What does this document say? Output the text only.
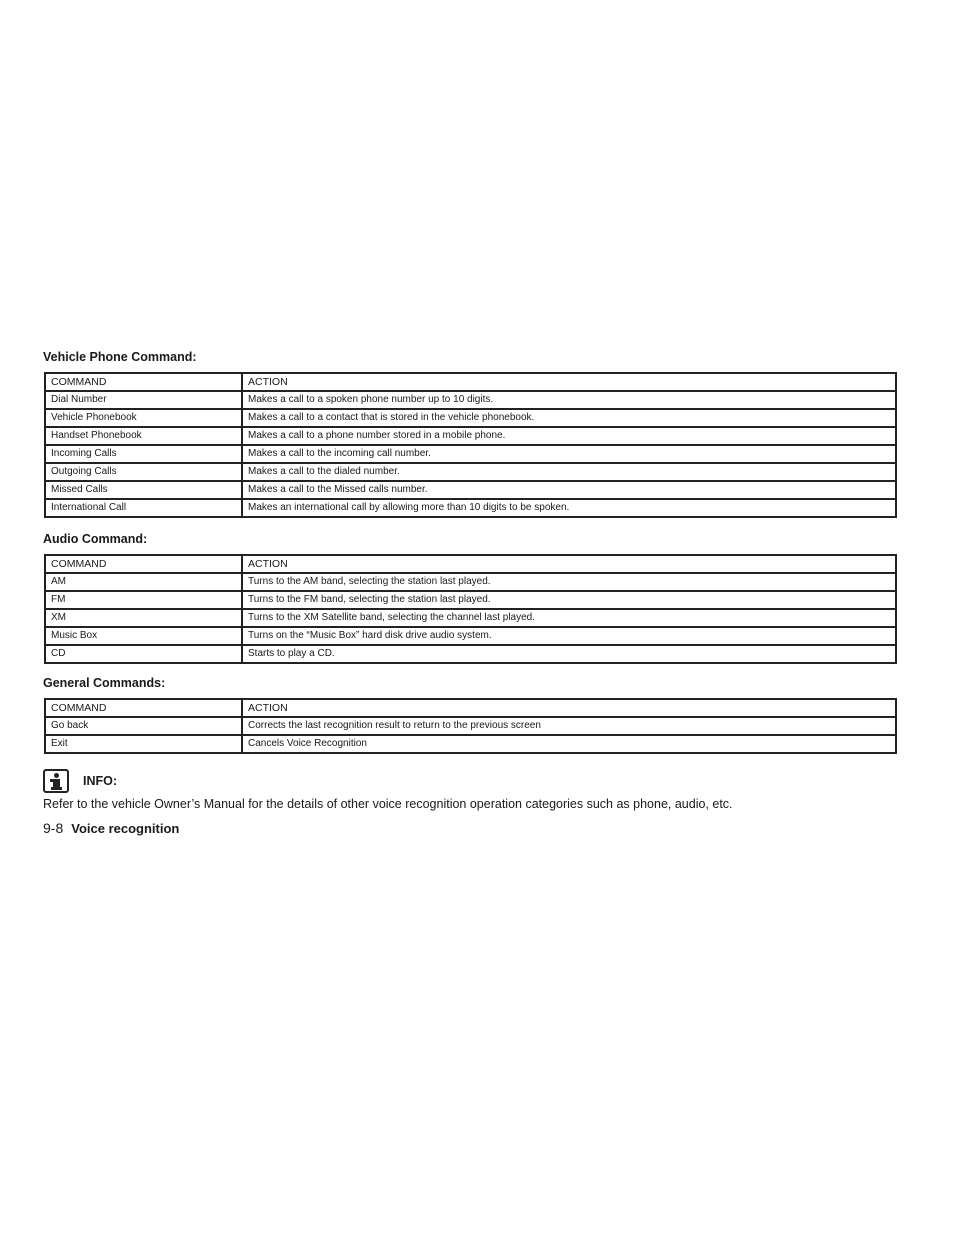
Vehicle Phone Command:
COMMAND	ACTION
Dial Number	Makes a call to a spoken phone number up to 10 digits.
Vehicle Phonebook	Makes a call to a contact that is stored in the vehicle phonebook.
Handset Phonebook	Makes a call to a phone number stored in a mobile phone.
Incoming Calls	Makes a call to the incoming call number.
Outgoing Calls	Makes a call to the dialed number.
Missed Calls	Makes a call to the Missed calls number.
International Call	Makes an international call by allowing more than 10 digits to be spoken.
Audio Command:
COMMAND	ACTION
AM	Turns to the AM band, selecting the station last played.
FM	Turns to the FM band, selecting the station last played.
XM	Turns to the XM Satellite band, selecting the channel last played.
Music Box	Turns on the “Music Box” hard disk drive audio system.
CD	Starts to play a CD.
General Commands:
COMMAND	ACTION
Go back	Corrects the last recognition result to return to the previous screen
Exit	Cancels Voice Recognition
INFO:
Refer to the vehicle Owner’s Manual for the details of other voice recognition operation categories such as phone, audio, etc.
9-8 Voice recognition
